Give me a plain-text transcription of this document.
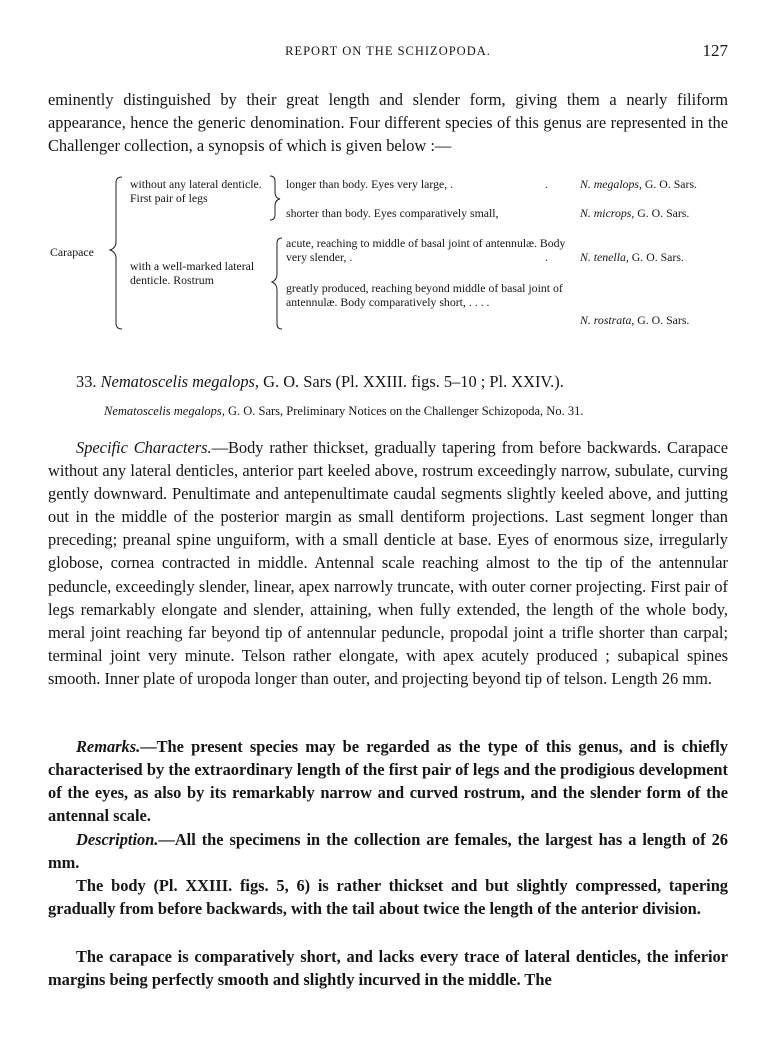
REPORT ON THE SCHIZOPODA.	127

eminently distinguished by their great length and slender form, giving them a nearly filiform appearance, hence the generic denomination. Four different species of this genus are represented in the Challenger collection, a synopsis of which is given below :—

Carapace
without any lateral denticle. First pair of legs
longer than body. Eyes very large, .	.	N. megalops, G. O. Sars.
shorter than body. Eyes comparatively small,	N. microps, G. O. Sars.
with a well-marked lateral denticle. Rostrum
acute, reaching to middle of basal joint of antennulæ. Body very slender, .	.	N. tenella, G. O. Sars.
greatly produced, reaching beyond middle of basal joint of antennulæ. Body comparatively short, . . . .
N. rostrata, G. O. Sars.
33. Nematoscelis megalops, G. O. Sars (Pl. XXIII. figs. 5–10 ; Pl. XXIV.).
Nematoscelis megalops, G. O. Sars, Preliminary Notices on the Challenger Schizopoda, No. 31.

Specific Characters.—Body rather thickset, gradually tapering from before backwards. Carapace without any lateral denticles, anterior part keeled above, rostrum exceedingly narrow, subulate, curving gently downward. Penultimate and antepenultimate caudal segments slightly keeled above, and jutting out in the middle of the posterior margin as small dentiform projections. Last segment longer than preceding; preanal spine unguiform, with a small denticle at base. Eyes of enormous size, irregularly globose, cornea contracted in middle. Antennal scale reaching almost to the tip of the antennular peduncle, exceedingly slender, linear, apex narrowly truncate, with outer corner projecting. First pair of legs remarkably elongate and slender, attaining, when fully extended, the length of the whole body, meral joint reaching far beyond tip of antennular peduncle, propodal joint a trifle shorter than carpal; terminal joint very minute. Telson rather elongate, with apex acutely produced ; subapical spines smooth. Inner plate of uropoda longer than outer, and projecting beyond tip of telson. Length 26 mm.

Remarks.—The present species may be regarded as the type of this genus, and is chiefly characterised by the extraordinary length of the first pair of legs and the prodigious development of the eyes, as also by its remarkably narrow and curved rostrum, and the slender form of the antennal scale.

Description.—All the specimens in the collection are females, the largest has a length of 26 mm.

The body (Pl. XXIII. figs. 5, 6) is rather thickset and but slightly compressed, tapering gradually from before backwards, with the tail about twice the length of the anterior division.

The carapace is comparatively short, and lacks every trace of lateral denticles, the inferior margins being perfectly smooth and slightly incurved in the middle. The
